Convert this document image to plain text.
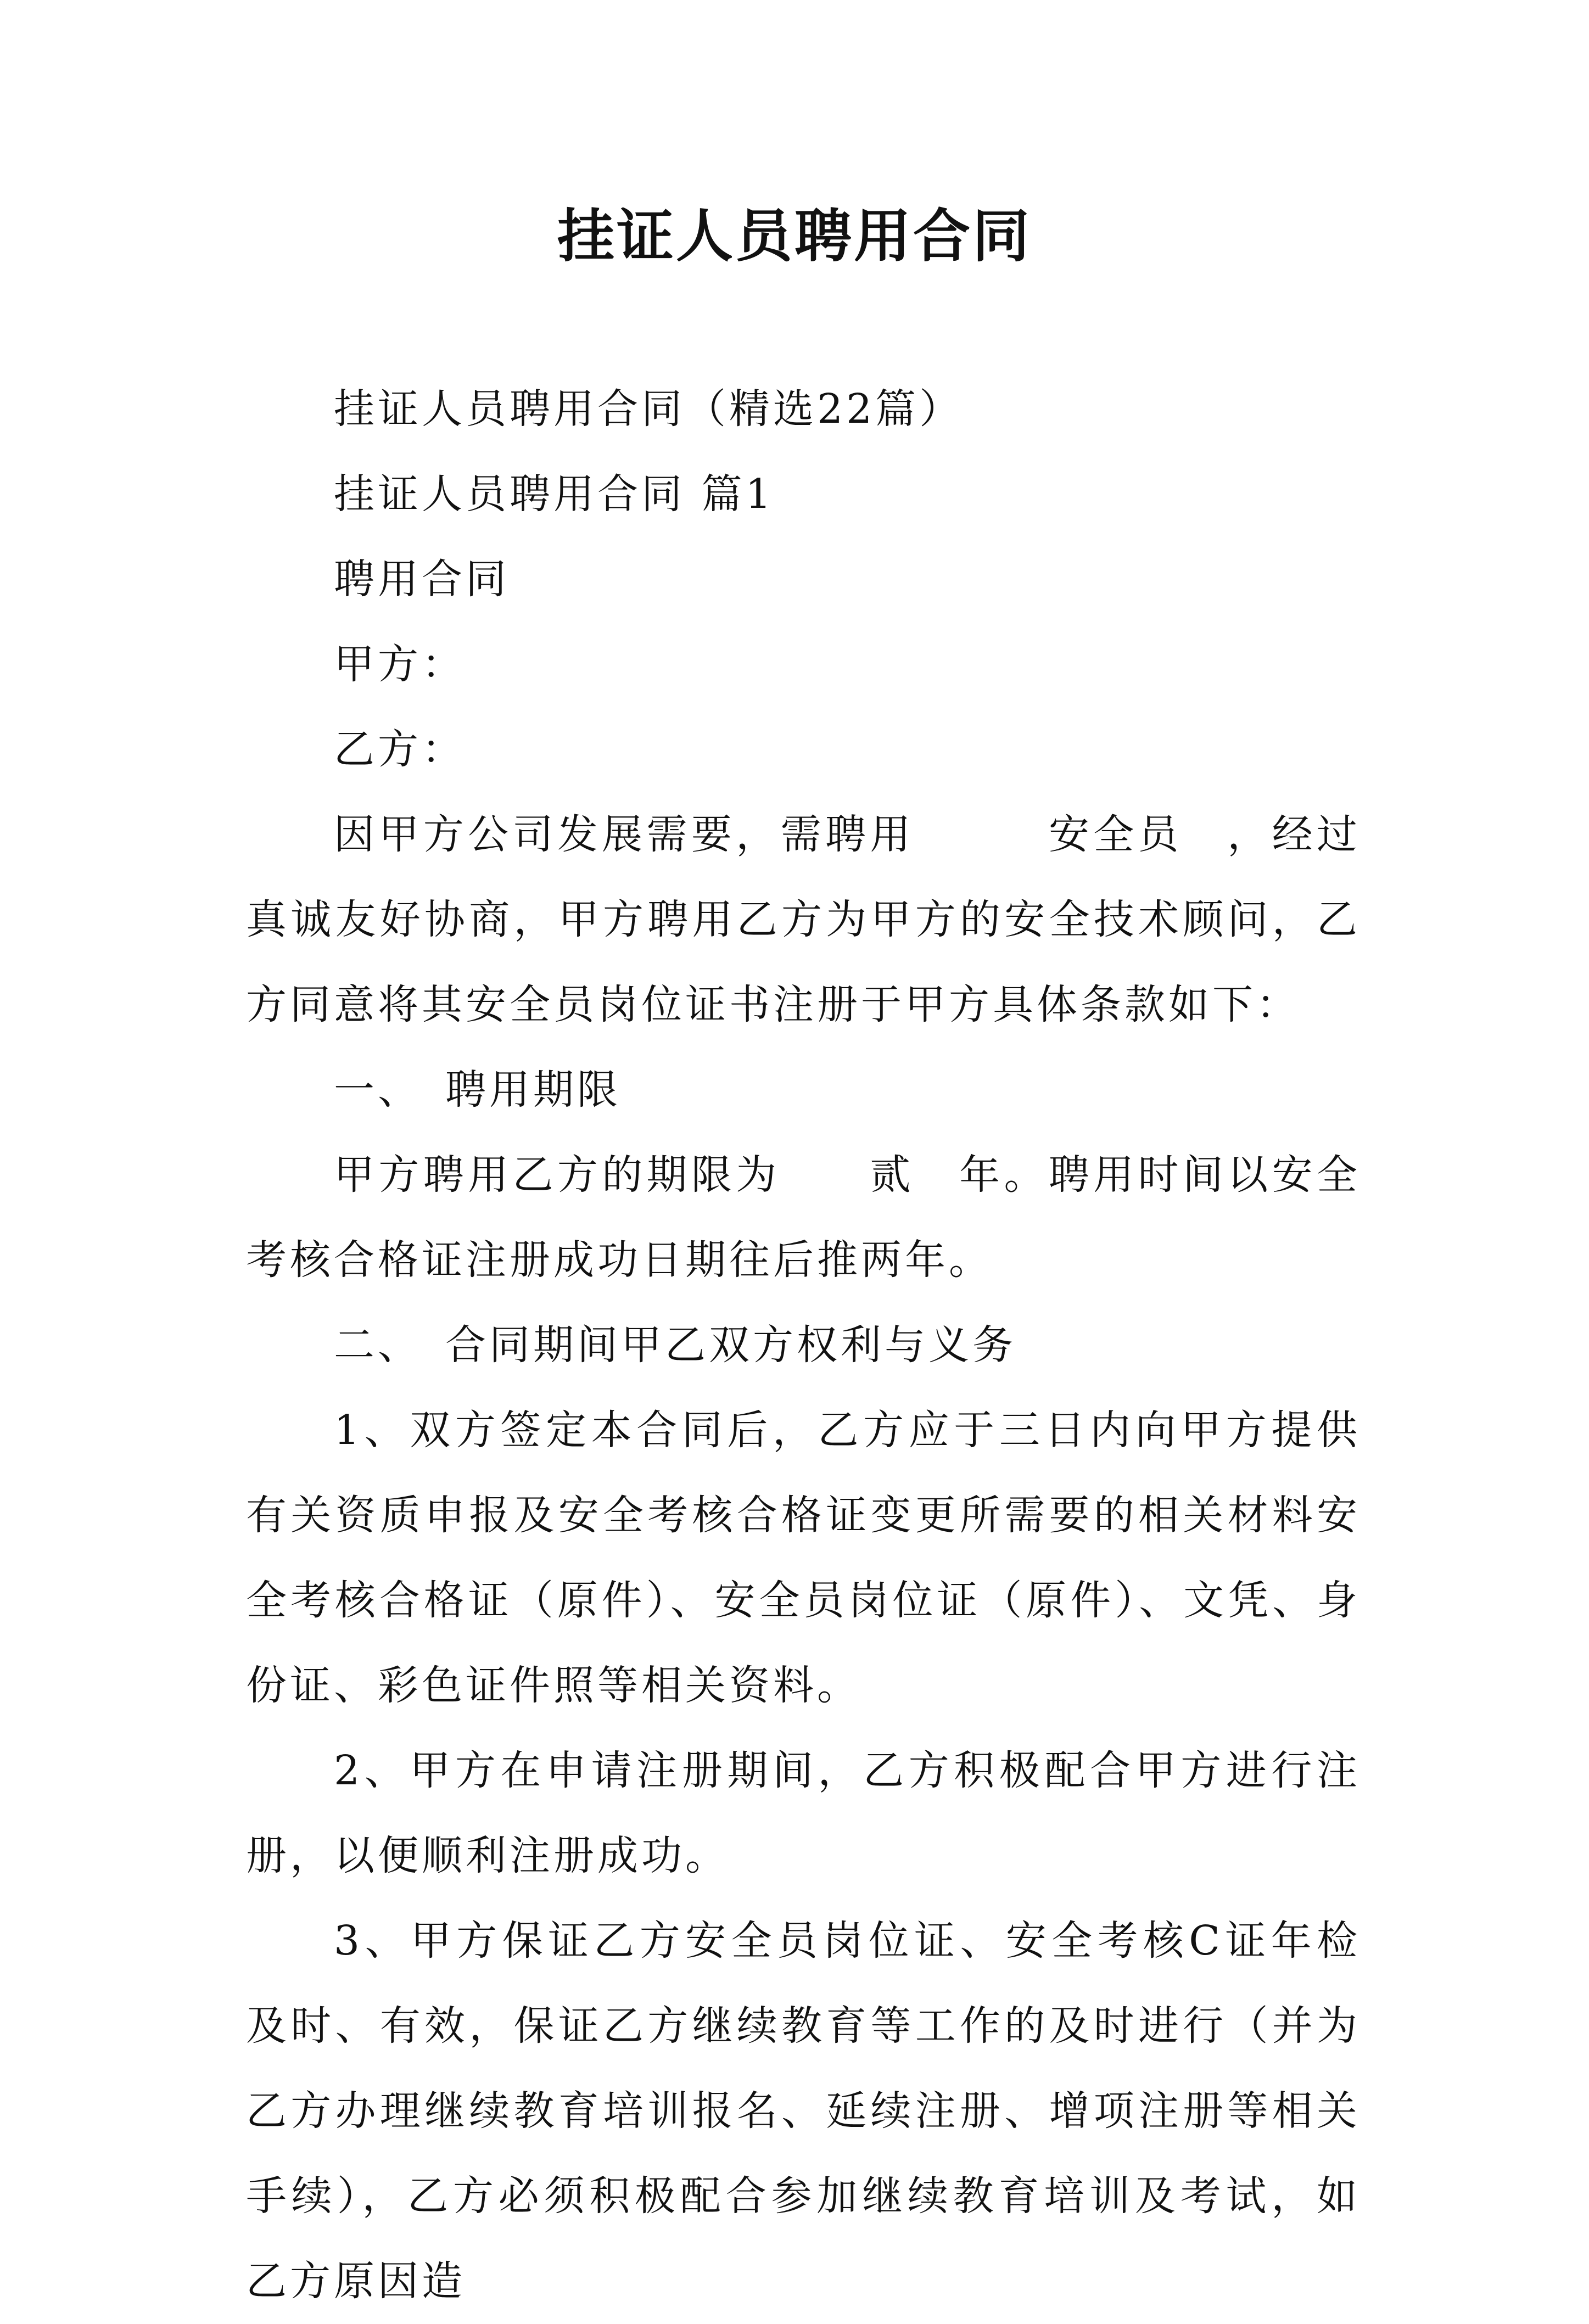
挂证人员聘用合同

挂证人员聘用合同（精选22篇）

挂证人员聘用合同 篇1

聘用合同

甲方：

乙方：

因甲方公司发展需要，需聘用　　　安全员　，经过真诚友好协商，甲方聘用乙方为甲方的安全技术顾问，乙方同意将其安全员岗位证书注册于甲方具体条款如下：

一、　聘用期限

甲方聘用乙方的期限为　　贰　年。聘用时间以安全考核合格证注册成功日期往后推两年。

二、　合同期间甲乙双方权利与义务

1、双方签定本合同后，乙方应于三日内向甲方提供有关资质申报及安全考核合格证变更所需要的相关材料安全考核合格证（原件）、安全员岗位证（原件）、文凭、身份证、彩色证件照等相关资料。

2、甲方在申请注册期间，乙方积极配合甲方进行注册，以便顺利注册成功。

3、甲方保证乙方安全员岗位证、安全考核C证年检及时、有效，保证乙方继续教育等工作的及时进行（并为乙方办理继续教育培训报名、延续注册、增项注册等相关手续），乙方必须积极配合参加继续教育培训及考试，如乙方原因造
